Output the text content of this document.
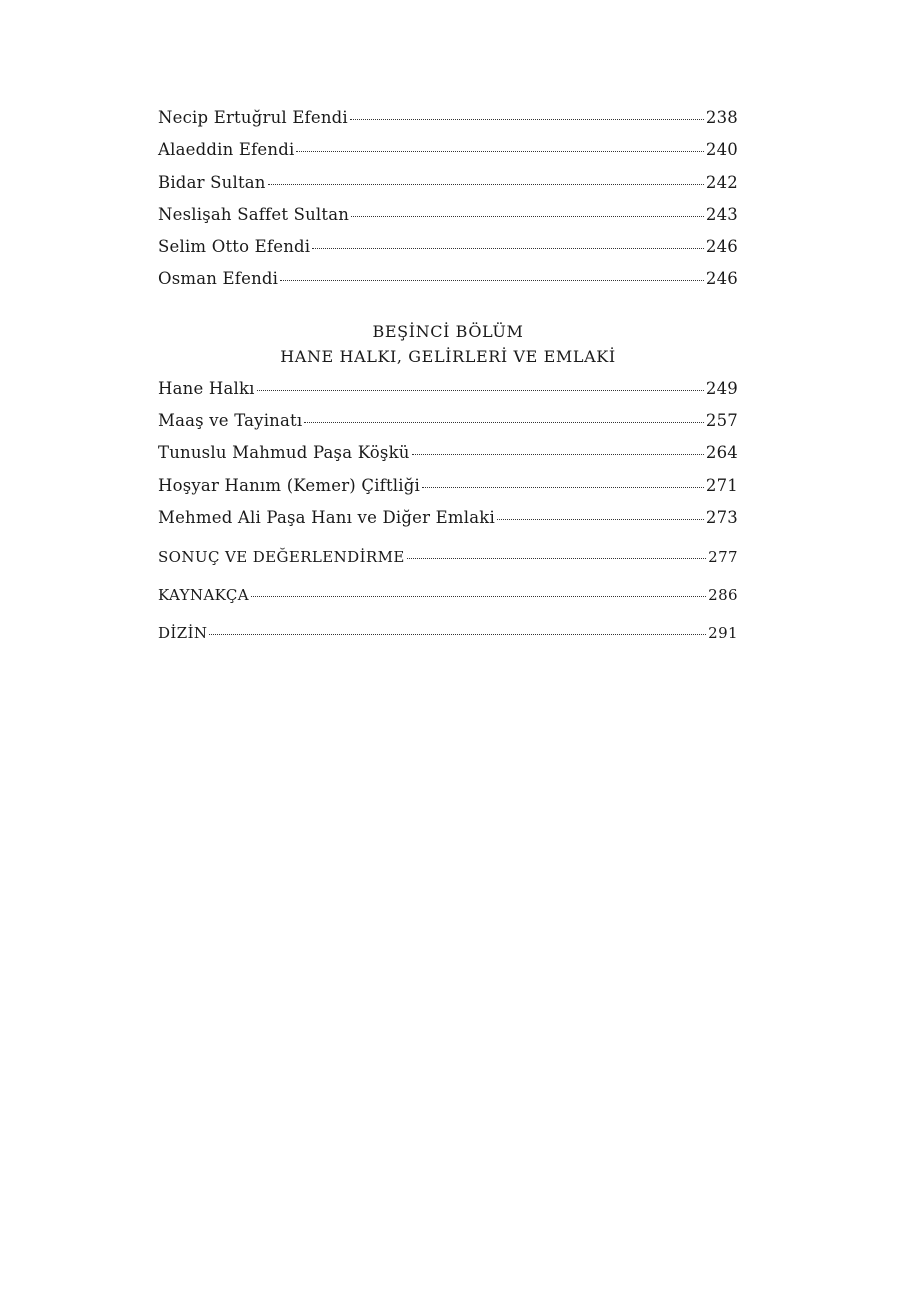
Necip Ertuğrul Efendi	238
Alaeddin Efendi	240
Bidar Sultan	242
Neslişah Saffet Sultan	243
Selim Otto Efendi	246
Osman Efendi	246
BEŞİNCİ BÖLÜM
HANE HALKI, GELİRLERİ VE EMLAKİ
Hane Halkı	249
Maaş ve Tayinatı	257
Tunuslu Mahmud Paşa Köşkü	264
Hoşyar Hanım (Kemer) Çiftliği	271
Mehmed Ali Paşa Hanı ve Diğer Emlaki	273
SONUÇ VE DEĞERLENDİRME	277
KAYNAKÇA	286
DİZİN	291
